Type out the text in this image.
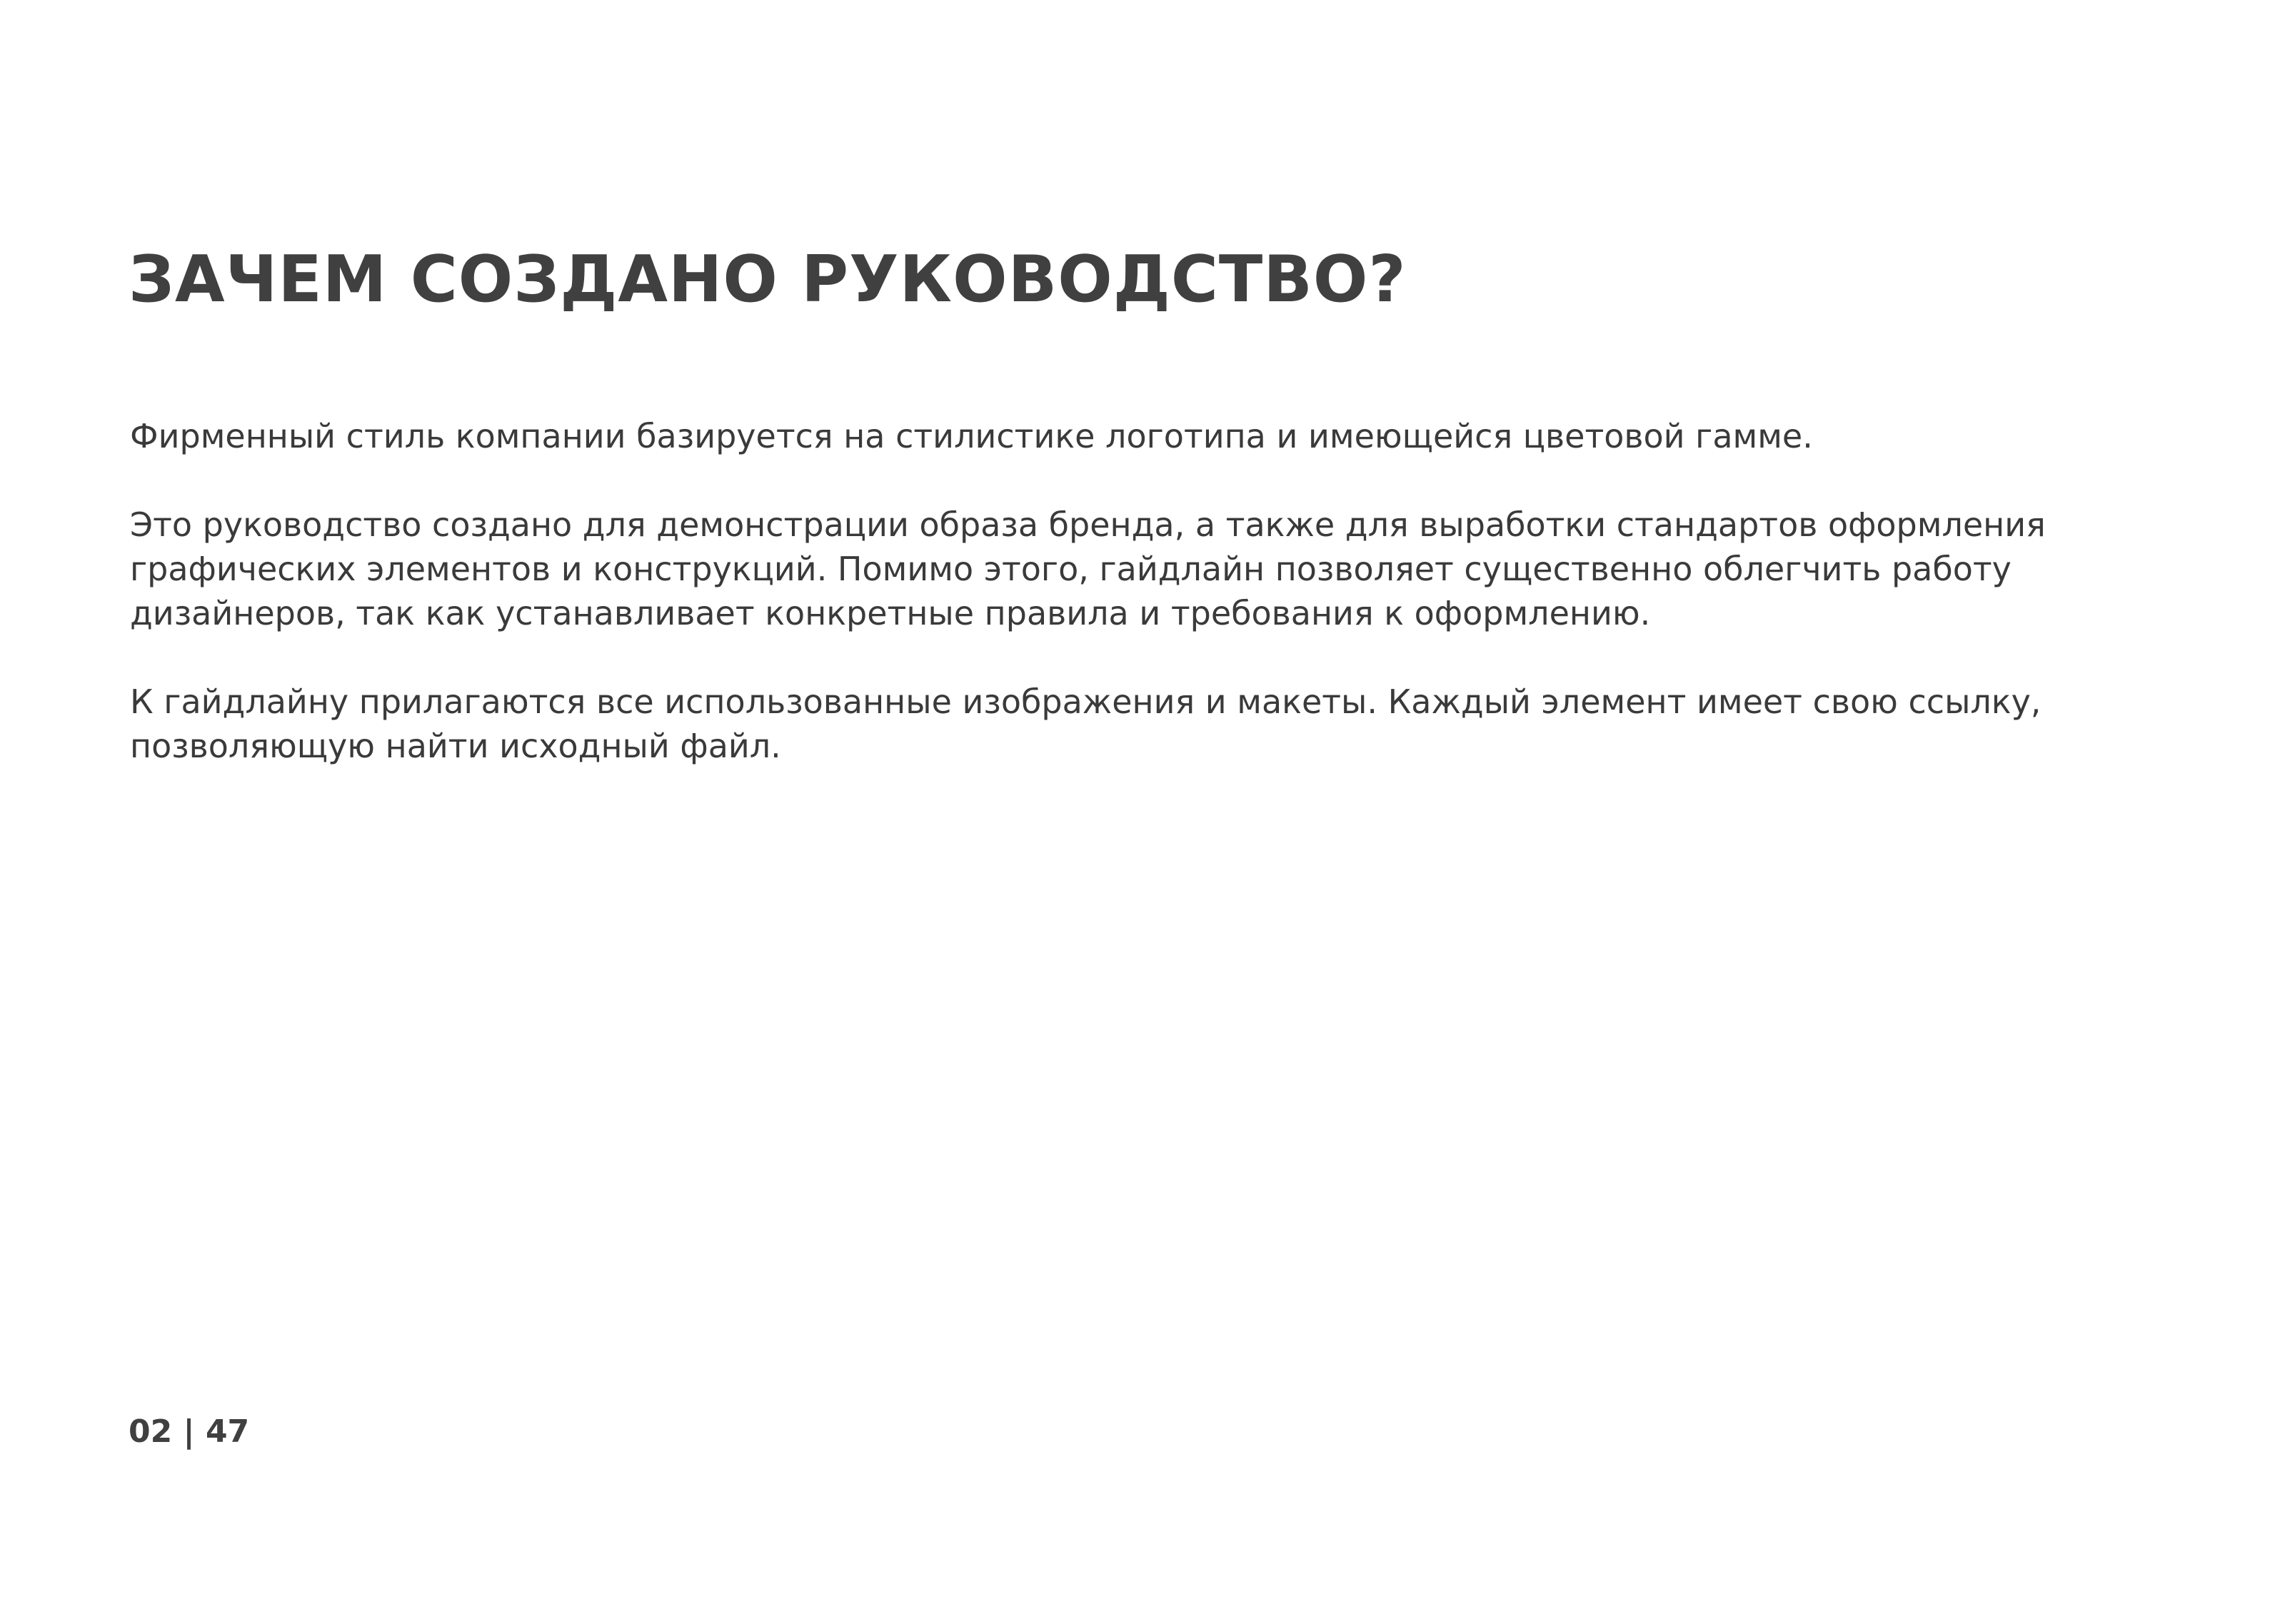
ЗАЧЕМ СОЗДАНО РУКОВОДСТВО?

Фирменный стиль компании базируется на стилистике логотипа и имеющейся цветовой гамме.

Это руководство создано для демонстрации образа бренда, а также для выработки стандартов оформления
графических элементов и конструкций. Помимо этого, гайдлайн позволяет существенно облегчить работу
дизайнеров, так как устанавливает конкретные правила и требования к оформлению.

К гайдлайну прилагаются все использованные изображения и макеты. Каждый элемент имеет свою ссылку,
позволяющую найти исходный файл.

02 | 47
